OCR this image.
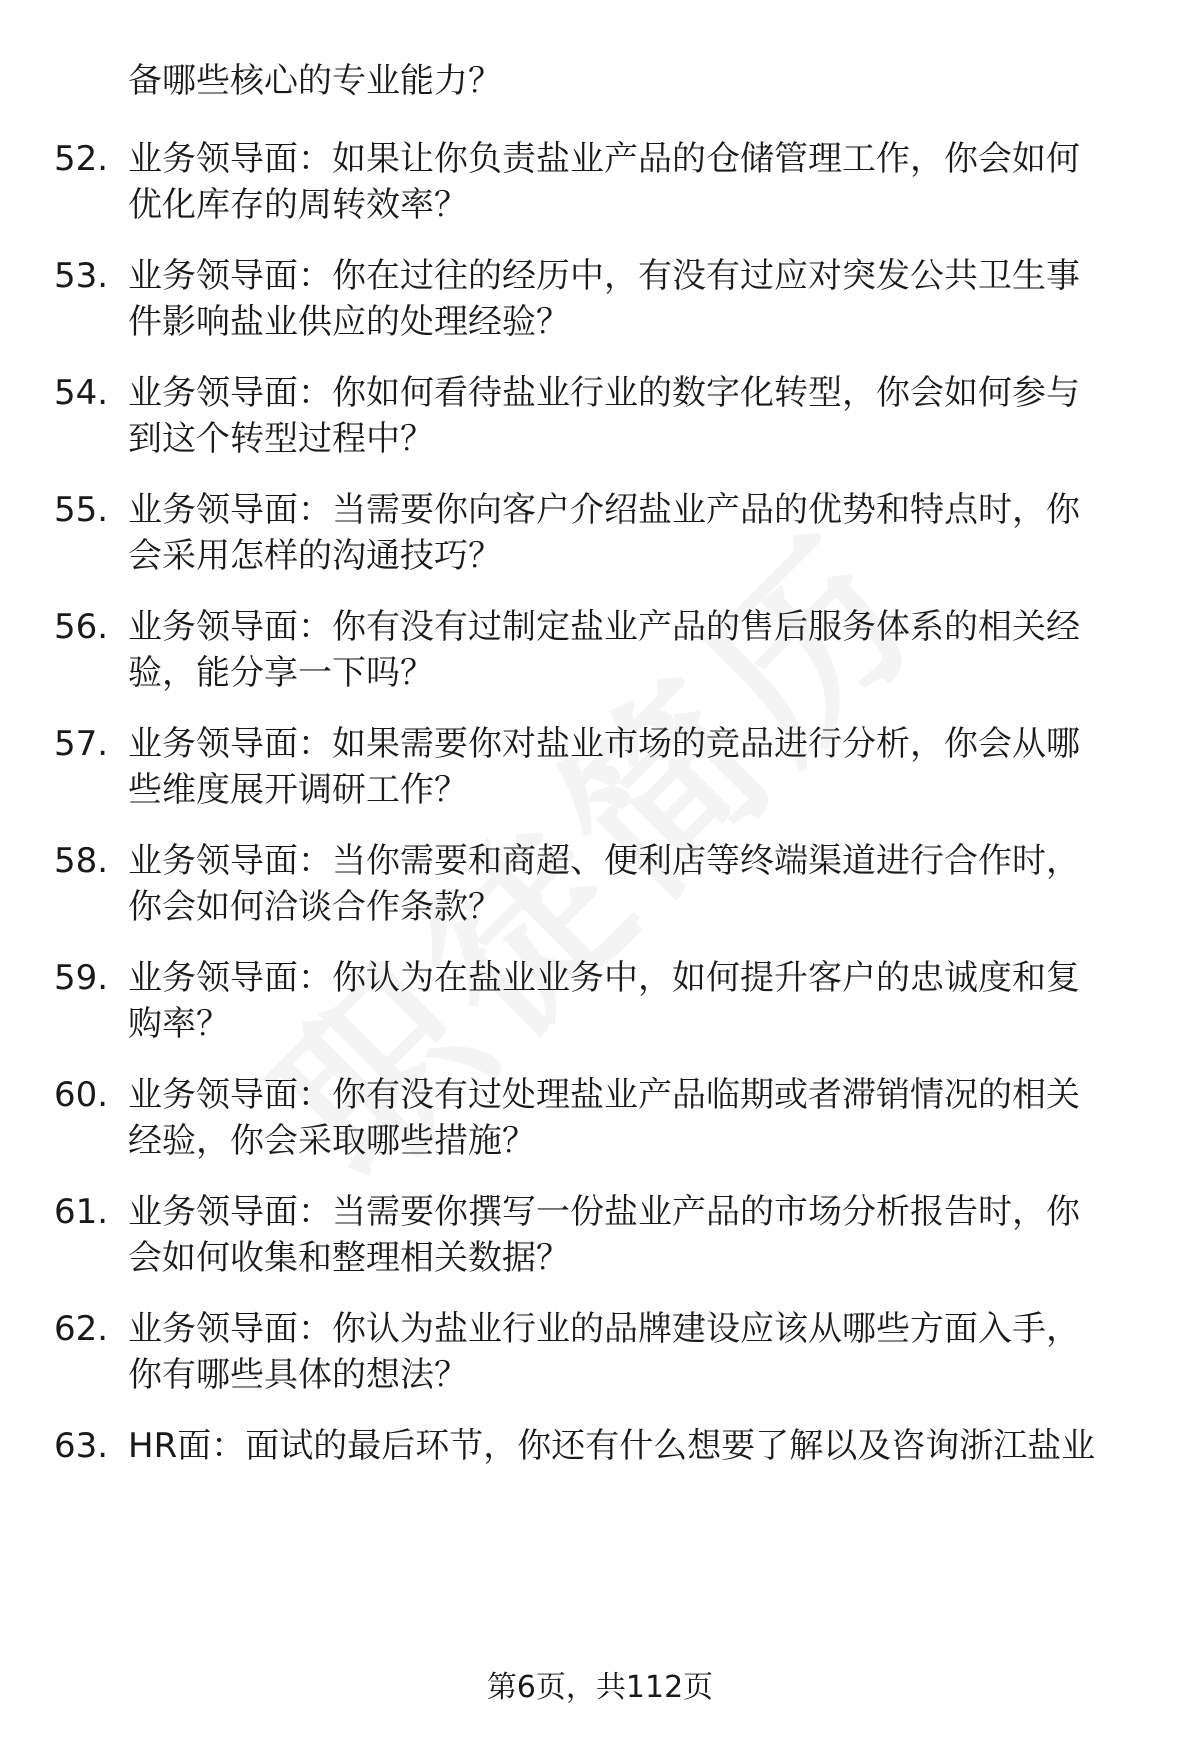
备哪些核心的专业能力？

52. 业务领导面：如果让你负责盐业产品的仓储管理工作，你会如何
优化库存的周转效率？
53. 业务领导面：你在过往的经历中，有没有过应对突发公共卫生事
件影响盐业供应的处理经验？
54. 业务领导面：你如何看待盐业行业的数字化转型，你会如何参与
到这个转型过程中？
55. 业务领导面：当需要你向客户介绍盐业产品的优势和特点时，你
会采用怎样的沟通技巧？
56. 业务领导面：你有没有过制定盐业产品的售后服务体系的相关经
验，能分享一下吗？
57. 业务领导面：如果需要你对盐业市场的竞品进行分析，你会从哪
些维度展开调研工作？
58. 业务领导面：当你需要和商超、便利店等终端渠道进行合作时，
你会如何洽谈合作条款？
59. 业务领导面：你认为在盐业业务中，如何提升客户的忠诚度和复
购率？
60. 业务领导面：你有没有过处理盐业产品临期或者滞销情况的相关
经验，你会采取哪些措施？
61. 业务领导面：当需要你撰写一份盐业产品的市场分析报告时，你
会如何收集和整理相关数据？
62. 业务领导面：你认为盐业行业的品牌建设应该从哪些方面入手，
你有哪些具体的想法？
63. HR面：面试的最后环节，你还有什么想要了解以及咨询浙江盐业
第6页，共112页
